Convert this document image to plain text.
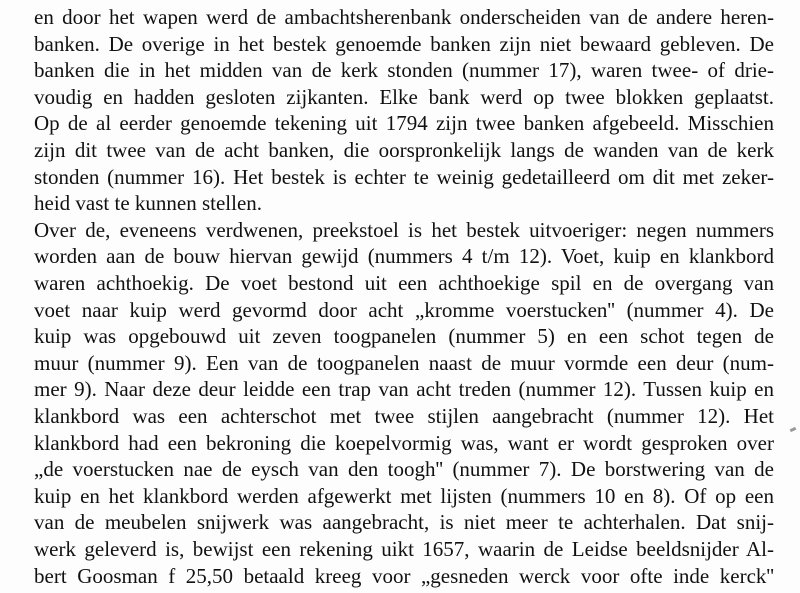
en door het wapen werd de ambachtsherenbank onderscheiden van de andere heren-
banken. De overige in het bestek genoemde banken zijn niet bewaard gebleven. De
banken die in het midden van de kerk stonden (nummer 17), waren twee- of drie-
voudig en hadden gesloten zijkanten. Elke bank werd op twee blokken geplaatst.
Op de al eerder genoemde tekening uit 1794 zijn twee banken afgebeeld. Misschien
zijn dit twee van de acht banken, die oorspronkelijk langs de wanden van de kerk
stonden (nummer 16). Het bestek is echter te weinig gedetailleerd om dit met zeker-
heid vast te kunnen stellen.
Over de, eveneens verdwenen, preekstoel is het bestek uitvoeriger: negen nummers
worden aan de bouw hiervan gewijd (nummers 4 t/m 12). Voet, kuip en klankbord
waren achthoekig. De voet bestond uit een achthoekige spil en de overgang van
voet naar kuip werd gevormd door acht „kromme voerstucken'' (nummer 4). De
kuip was opgebouwd uit zeven toogpanelen (nummer 5) en een schot tegen de
muur (nummer 9). Een van de toogpanelen naast de muur vormde een deur (num-
mer 9). Naar deze deur leidde een trap van acht treden (nummer 12). Tussen kuip en
klankbord was een achterschot met twee stijlen aangebracht (nummer 12). Het
klankbord had een bekroning die koepelvormig was, want er wordt gesproken over
„de voerstucken nae de eysch van den toogh'' (nummer 7). De borstwering van de
kuip en het klankbord werden afgewerkt met lijsten (nummers 10 en 8). Of op een
van de meubelen snijwerk was aangebracht, is niet meer te achterhalen. Dat snij-
werk geleverd is, bewijst een rekening uikt 1657, waarin de Leidse beeldsnijder Al-
bert Goosman f 25,50 betaald kreeg voor „gesneden werck voor ofte inde kerck''
